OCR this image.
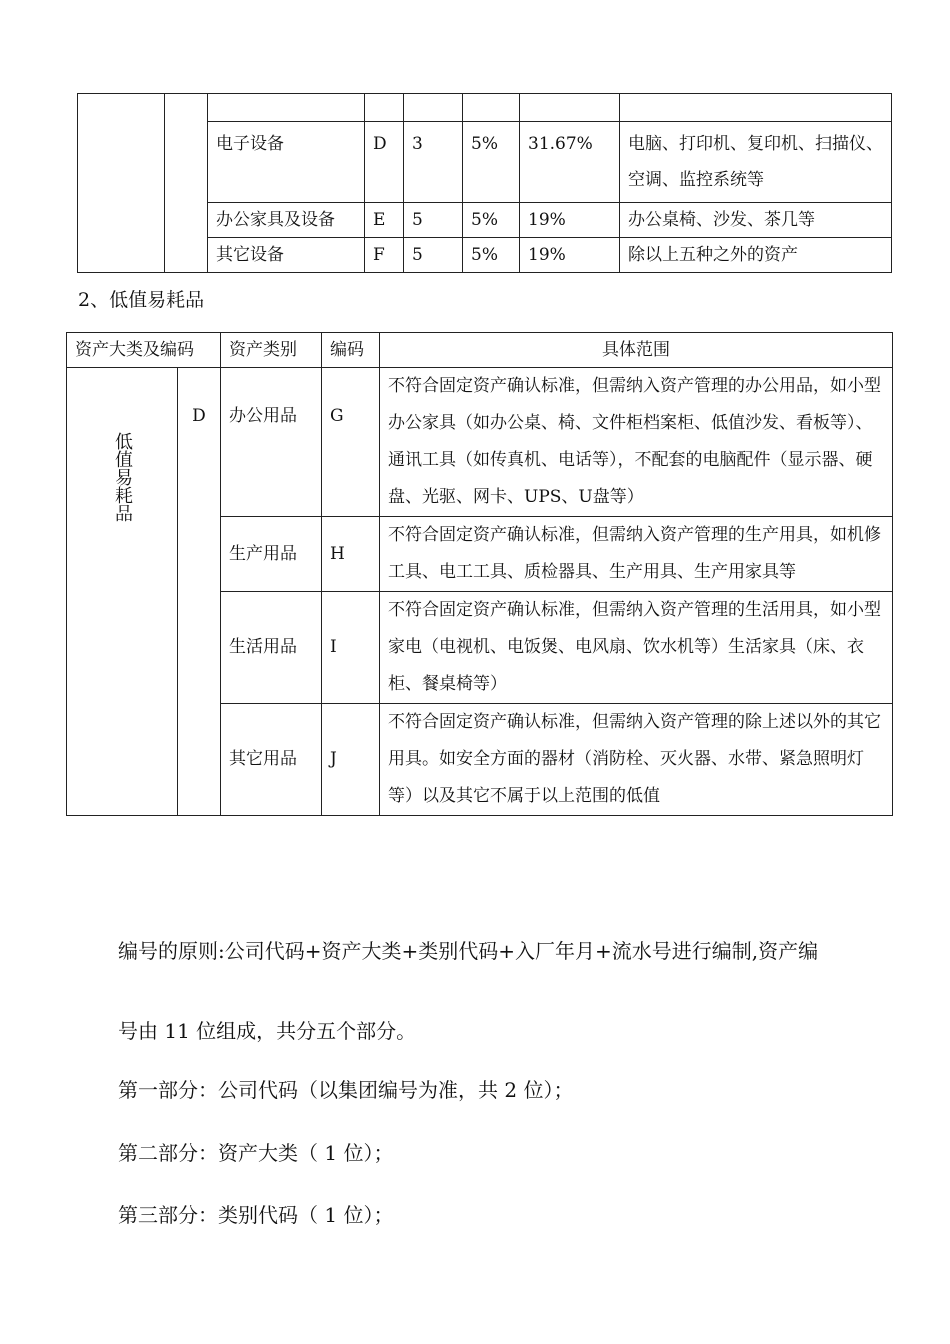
		电子设备	D	3	5%	31.67%	电脑、打印机、复印机、扫描仪、空调、监控系统等
		办公家具及设备	E	5	5%	19%	办公桌椅、沙发、茶几等
		其它设备	F	5	5%	19%	除以上五种之外的资产
2、低值易耗品
资产大类及编码		资产类别	编码	具体范围
低值易耗品	D	办公用品	G	不符合固定资产确认标准，但需纳入资产管理的办公用品，如小型办公家具（如办公桌、椅、文件柜档案柜、低值沙发、看板等）、通讯工具（如传真机、电话等），不配套的电脑配件（显示器、硬盘、光驱、网卡、UPS、U盘等）
		生产用品	H	不符合固定资产确认标准，但需纳入资产管理的生产用具，如机修工具、电工工具、质检器具、生产用具、生产用家具等
		生活用品	I	不符合固定资产确认标准，但需纳入资产管理的生活用具，如小型家电（电视机、电饭煲、电风扇、饮水机等）生活家具（床、衣柜、餐桌椅等）
		其它用品	J	不符合固定资产确认标准，但需纳入资产管理的除上述以外的其它用具。如安全方面的器材（消防栓、灭火器、水带、紧急照明灯等）以及其它不属于以上范围的低值
编号的原则:公司代码+资产大类+类别代码+入厂年月+流水号进行编制,资产编
号由 11 位组成，共分五个部分。
第一部分：公司代码（以集团编号为准，共 2 位）；
第二部分：资产大类（ 1 位）；
第三部分：类别代码（ 1 位）；
